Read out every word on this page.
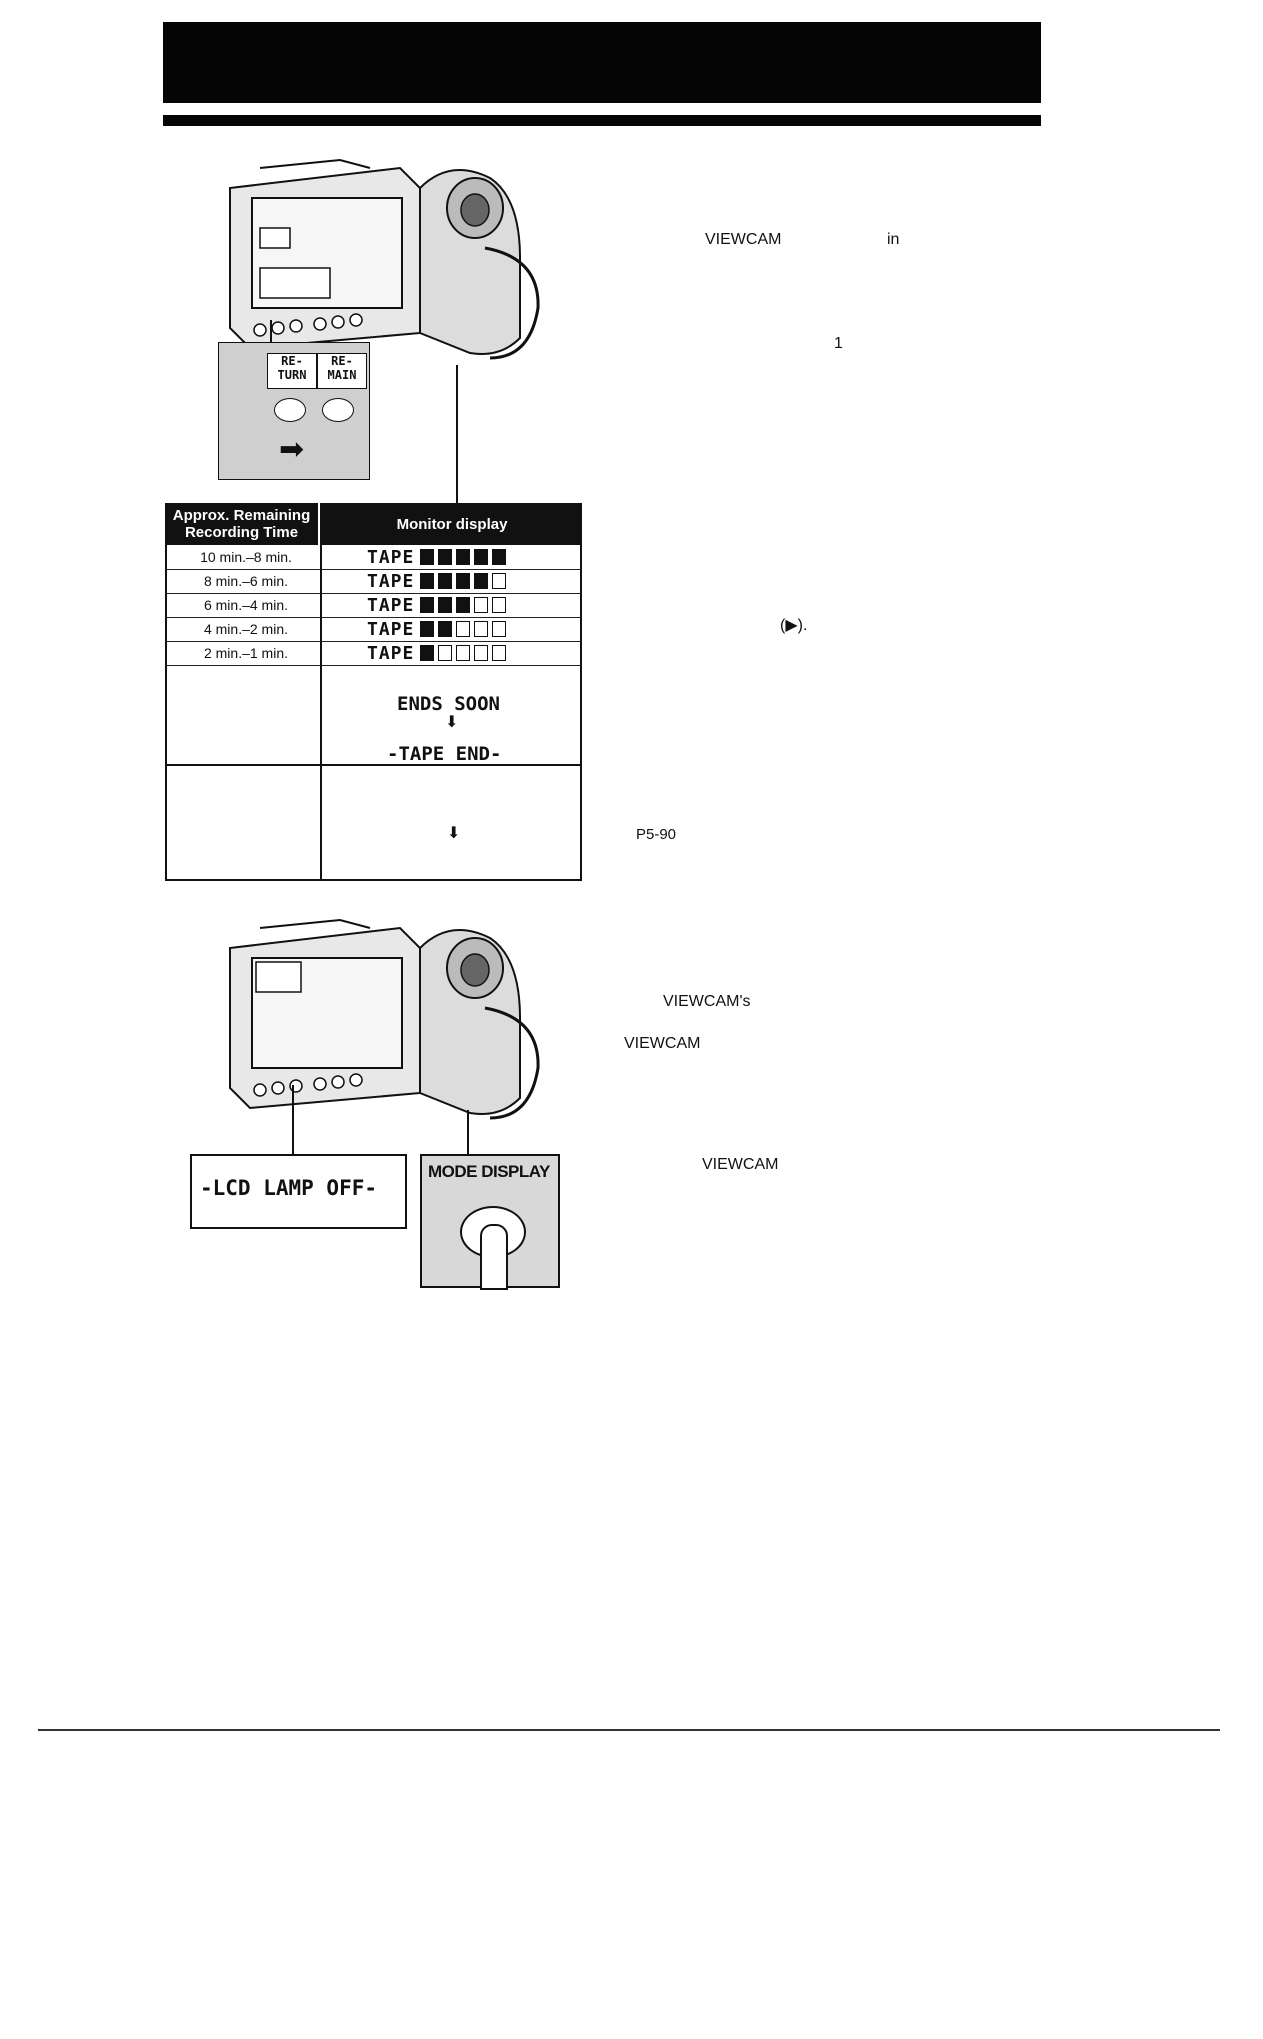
RE-
TURN
RE-
MAIN
➡
Approx. Remaining Recording Time	Monitor display
10 min.–8 min.	TAPE
8 min.–6 min.	TAPE
6 min.–4 min.	TAPE
4 min.–2 min.	TAPE
2 min.–1 min.	TAPE
ENDS SOON
⬇
-TAPE END-
⬇
VIEWCAM	in
1
(▶).
P5-90
VIEWCAM's
VIEWCAM
VIEWCAM
-LCD LAMP OFF-
MODE DISPLAY
